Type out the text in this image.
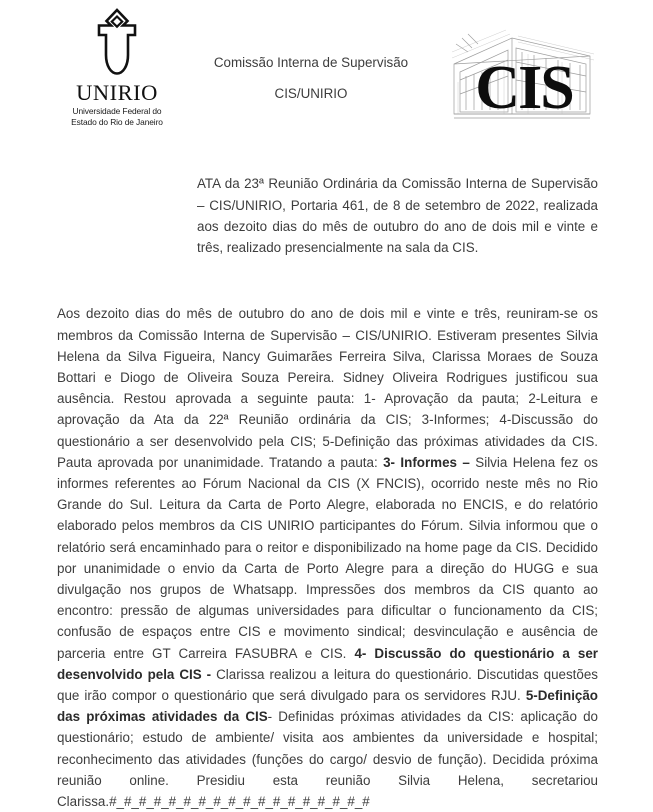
UNIRIO
Universidade Federal do
Estado do Rio de Janeiro
Comissão Interna de Supervisão
CIS/UNIRIO	CIS

ATA da 23ª Reunião Ordinária da Comissão Interna de Supervisão – CIS/UNIRIO, Portaria 461, de 8 de setembro de 2022, realizada aos dezoito dias do mês de outubro do ano de dois mil e vinte e três, realizado presencialmente na sala da CIS.

Aos dezoito dias do mês de outubro do ano de dois mil e vinte e três, reuniram-se os membros da Comissão Interna de Supervisão – CIS/UNIRIO. Estiveram presentes Silvia Helena da Silva Figueira, Nancy Guimarães Ferreira Silva, Clarissa Moraes de Souza Bottari e Diogo de Oliveira Souza Pereira. Sidney Oliveira Rodrigues justificou sua ausência. Restou aprovada a seguinte pauta: 1- Aprovação da pauta; 2-Leitura e aprovação da Ata da 22ª Reunião ordinária da CIS; 3-Informes; 4-Discussão do questionário a ser desenvolvido pela CIS; 5-Definição das próximas atividades da CIS. Pauta aprovada por unanimidade. Tratando a pauta: 3- Informes – Silvia Helena fez os informes referentes ao Fórum Nacional da CIS (X FNCIS), ocorrido neste mês no Rio Grande do Sul. Leitura da Carta de Porto Alegre, elaborada no ENCIS, e do relatório elaborado pelos membros da CIS UNIRIO participantes do Fórum. Silvia informou que o relatório será encaminhado para o reitor e disponibilizado na home page da CIS. Decidido por unanimidade o envio da Carta de Porto Alegre para a direção do HUGG e sua divulgação nos grupos de Whatsapp. Impressões dos membros da CIS quanto ao encontro: pressão de algumas universidades para dificultar o funcionamento da CIS; confusão de espaços entre CIS e movimento sindical; desvinculação e ausência de parceria entre GT Carreira FASUBRA e CIS. 4- Discussão do questionário a ser desenvolvido pela CIS - Clarissa realizou a leitura do questionário. Discutidas questões que irão compor o questionário que será divulgado para os servidores RJU. 5-Definição das próximas atividades da CIS- Definidas próximas atividades da CIS: aplicação do questionário; estudo de ambiente/ visita aos ambientes da universidade e hospital; reconhecimento das atividades (funções do cargo/ desvio de função). Decidida próxima reunião online. Presidiu esta reunião Silvia Helena, secretariou Clarissa.#_#_#_#_#_#_#_#_#_#_#_#_#_#_#_#_#_#
